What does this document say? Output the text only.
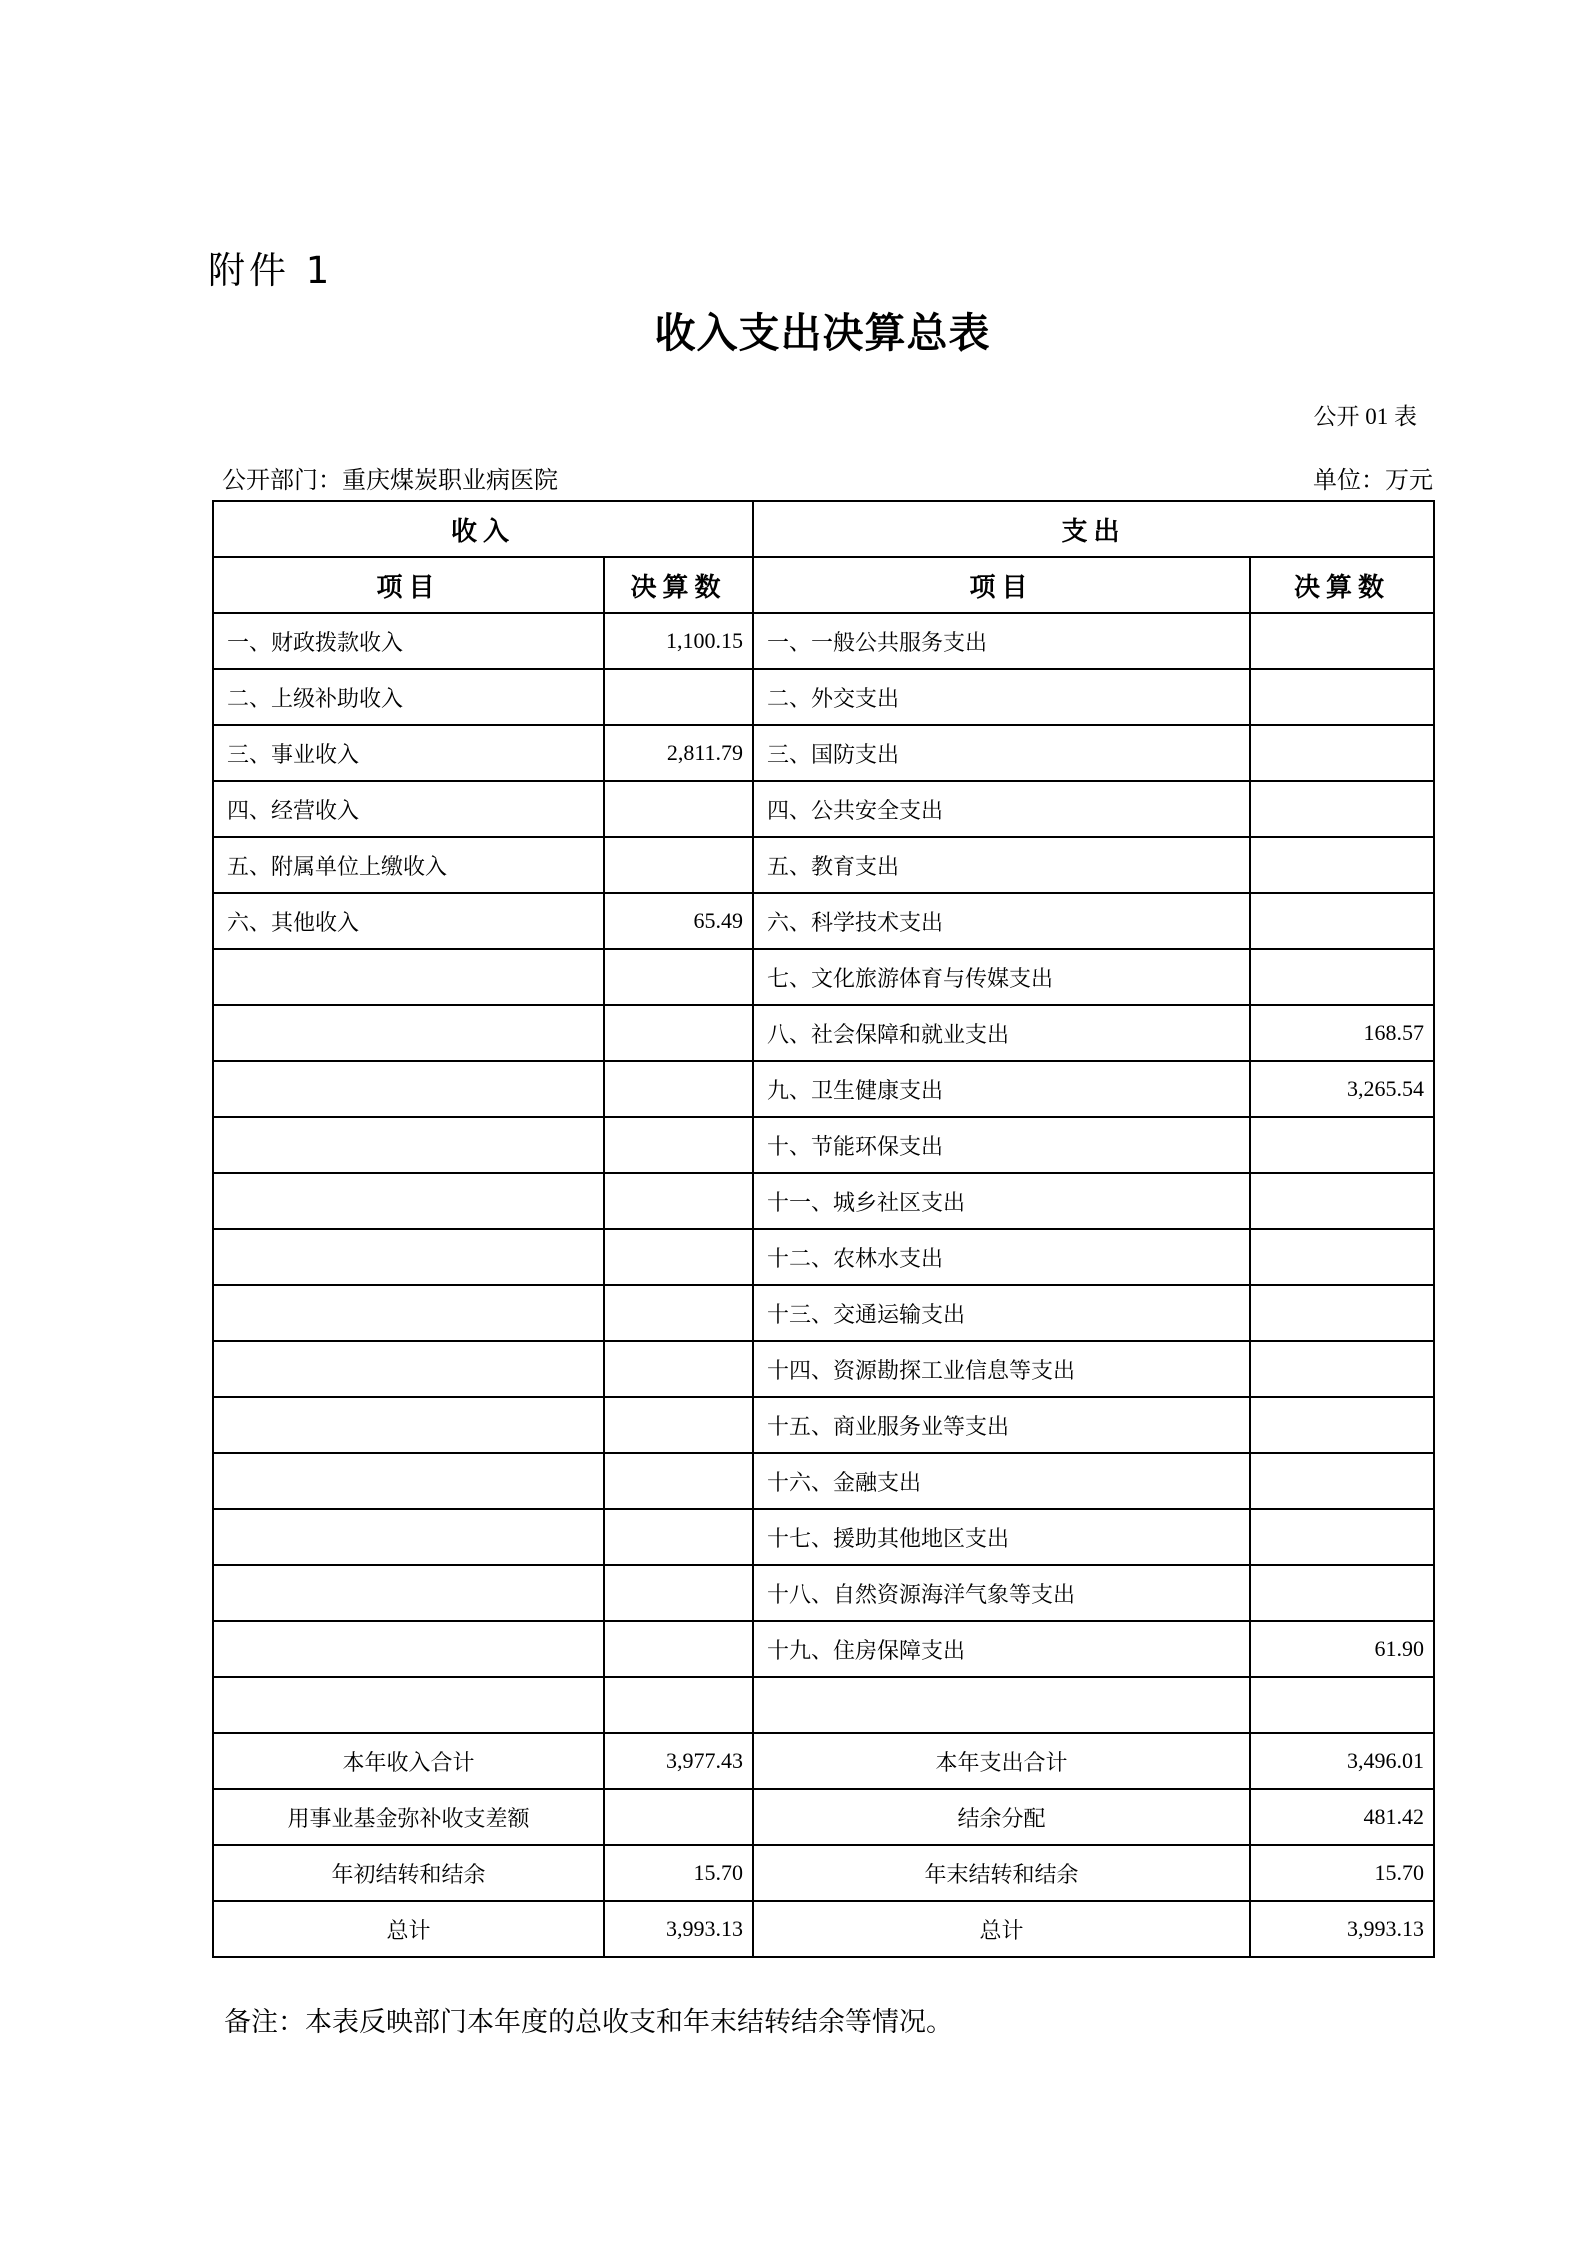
附件 1
收入支出决算总表
公开 01 表
公开部门：重庆煤炭职业病医院	单位：万元
收入		支出	
项目	决算数	项目	决算数
一、财政拨款收入	1,100.15	一、一般公共服务支出	
二、上级补助收入		二、外交支出	
三、事业收入	2,811.79	三、国防支出	
四、经营收入		四、公共安全支出	
五、附属单位上缴收入		五、教育支出	
六、其他收入	65.49	六、科学技术支出	
		七、文化旅游体育与传媒支出	
		八、社会保障和就业支出	168.57
		九、卫生健康支出	3,265.54
		十、节能环保支出	
		十一、城乡社区支出	
		十二、农林水支出	
		十三、交通运输支出	
		十四、资源勘探工业信息等支出	
		十五、商业服务业等支出	
		十六、金融支出	
		十七、援助其他地区支出	
		十八、自然资源海洋气象等支出	
		十九、住房保障支出	61.90

本年收入合计	3,977.43	本年支出合计	3,496.01
用事业基金弥补收支差额		结余分配	481.42
年初结转和结余	15.70	年末结转和结余	15.70
总计	3,993.13	总计	3,993.13
备注：本表反映部门本年度的总收支和年末结转结余等情况。
